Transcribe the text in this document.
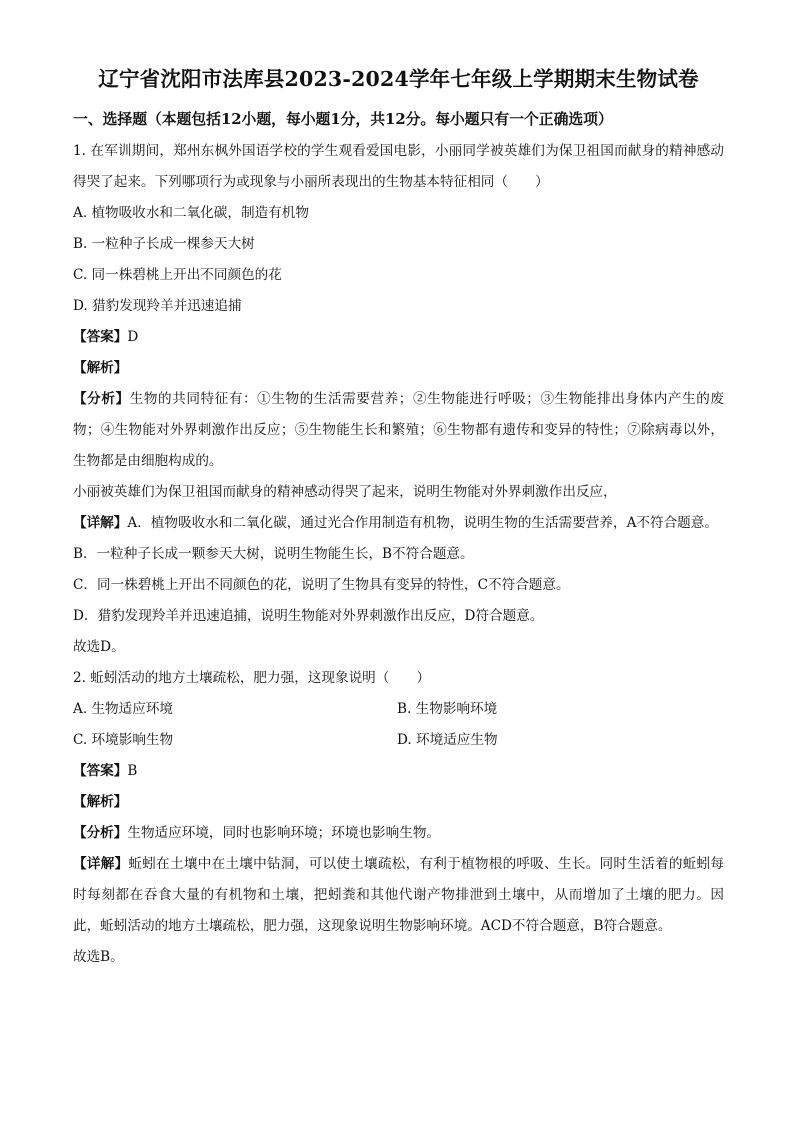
辽宁省沈阳市法库县2023-2024学年七年级上学期期末生物试卷
一、选择题（本题包括12小题，每小题1分，共12分。每小题只有一个正确选项）

1. 在军训期间，郑州东枫外国语学校的学生观看爱国电影，小丽同学被英雄们为保卫祖国而献身的精神感动得哭了起来。下列哪项行为或现象与小丽所表现出的生物基本特征相同（　　）

A. 植物吸收水和二氧化碳，制造有机物

B. 一粒种子长成一棵参天大树

C. 同一株碧桃上开出不同颜色的花

D. 猎豹发现羚羊并迅速追捕

【答案】D

【解析】

【分析】生物的共同特征有：①生物的生活需要营养；②生物能进行呼吸；③生物能排出身体内产生的废物；④生物能对外界刺激作出反应；⑤生物能生长和繁殖；⑥生物都有遗传和变异的特性；⑦除病毒以外，生物都是由细胞构成的。

小丽被英雄们为保卫祖国而献身的精神感动得哭了起来，说明生物能对外界刺激作出反应，

【详解】A．植物吸收水和二氧化碳，通过光合作用制造有机物，说明生物的生活需要营养，A不符合题意。

B．一粒种子长成一颗参天大树，说明生物能生长，B不符合题意。

C．同一株碧桃上开出不同颜色的花，说明了生物具有变异的特性，C不符合题意。

D．猎豹发现羚羊并迅速追捕，说明生物能对外界刺激作出反应，D符合题意。

故选D。

2. 蚯蚓活动的地方土壤疏松，肥力强，这现象说明（　　）

A. 生物适应环境	B. 生物影响环境
C. 环境影响生物	D. 环境适应生物

【答案】B

【解析】

【分析】生物适应环境，同时也影响环境；环境也影响生物。

【详解】蚯蚓在土壤中在土壤中钻洞，可以使土壤疏松，有利于植物根的呼吸、生长。同时生活着的蚯蚓每时每刻都在吞食大量的有机物和土壤，把蚓粪和其他代谢产物排泄到土壤中，从而增加了土壤的肥力。因此，蚯蚓活动的地方土壤疏松，肥力强，这现象说明生物影响环境。ACD不符合题意，B符合题意。

故选B。
